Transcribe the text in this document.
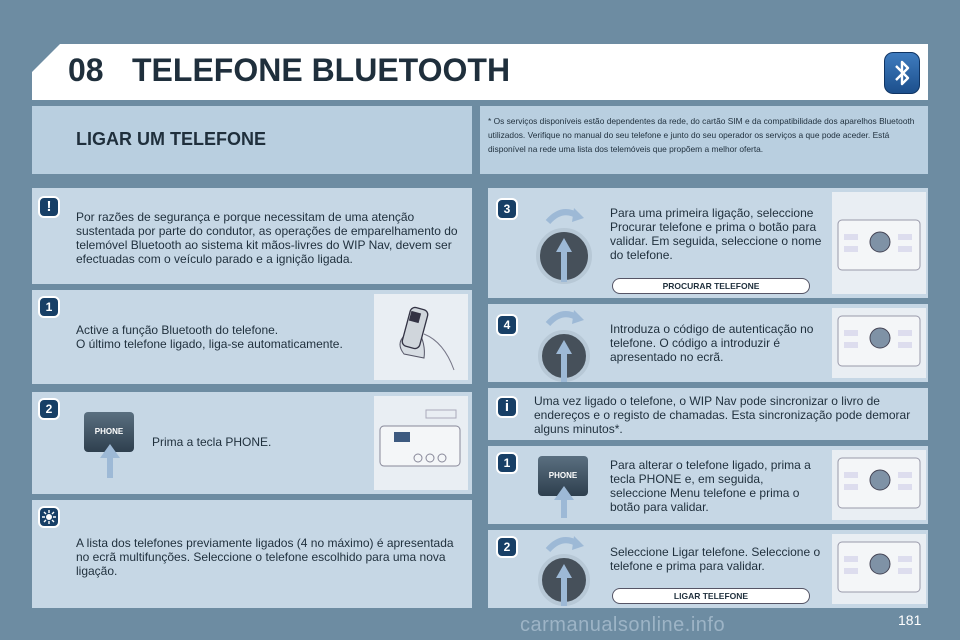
08 TELEFONE BLUETOOTH
LIGAR UM TELEFONE
* Os serviços disponíveis estão dependentes da rede, do cartão SIM e da compatibilidade dos aparelhos Bluetooth utilizados. Verifique no manual do seu telefone e junto do seu operador os serviços a que pode aceder. Está disponível na rede uma lista dos telemóveis que propõem a melhor oferta.
!
Por razões de segurança e porque necessitam de uma atenção sustentada por parte do condutor, as operações de emparelhamento do telemóvel Bluetooth ao sistema kit mãos-livres do WIP Nav, devem ser efectuadas com o veículo parado e a ignição ligada.
1
Active a função Bluetooth do telefone.
O último telefone ligado, liga-se automaticamente.
2
PHONE
Prima a tecla PHONE.
A lista dos telefones previamente ligados (4 no máximo) é apresentada no ecrã multifunções. Seleccione o telefone escolhido para uma nova ligação.
3	Para uma primeira ligação, seleccione Procurar telefone e prima o botão para validar. Em seguida, seleccione o nome do telefone.
PROCURAR TELEFONE
4	Introduza o código de autenticação no telefone. O código a introduzir é apresentado no ecrã.
i	Uma vez ligado o telefone, o WIP Nav pode sincronizar o livro de endereços e o registo de chamadas. Esta sincronização pode demorar alguns minutos*.
1
PHONE
Para alterar o telefone ligado, prima a tecla PHONE e, em seguida, seleccione Menu telefone e prima o botão para validar.
2	Seleccione Ligar telefone. Seleccione o telefone e prima para validar.
LIGAR TELEFONE
carmanualsonline.info	181
